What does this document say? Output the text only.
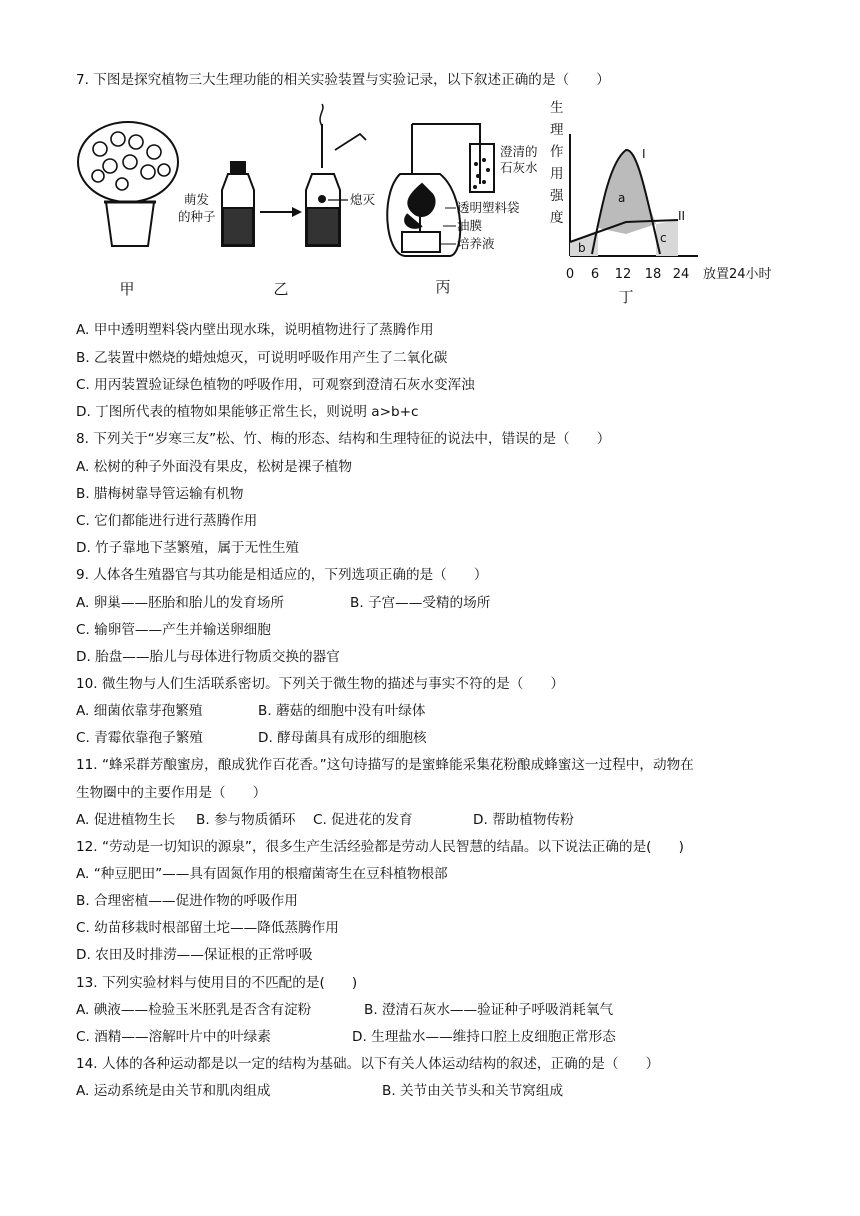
7. 下图是探究植物三大生理功能的相关实验装置与实验记录，以下叙述正确的是（　　）
甲
萌发
的种子
熄灭
乙
澄清的
石灰水
透明塑料袋
油膜
培养液
丙
生
理
作
用
强
度
I
II
a
b
c
0 6 12 18 24 放置24小时
丁
A. 甲中透明塑料袋内壁出现水珠，说明植物进行了蒸腾作用
B. 乙装置中燃烧的蜡烛熄灭，可说明呼吸作用产生了二氧化碳
C. 用丙装置验证绿色植物的呼吸作用，可观察到澄清石灰水变浑浊
D. 丁图所代表的植物如果能够正常生长，则说明 a>b+c
8. 下列关于“岁寒三友”松、竹、梅的形态、结构和生理特征的说法中，错误的是（　　）
A. 松树的种子外面没有果皮，松树是裸子植物
B. 腊梅树靠导管运输有机物
C. 它们都能进行进行蒸腾作用
D. 竹子靠地下茎繁殖，属于无性生殖
9. 人体各生殖器官与其功能是相适应的，下列选项正确的是（　　）
A. 卵巢——胚胎和胎儿的发育场所	B. 子宫——受精的场所
C. 输卵管——产生并输送卵细胞
D. 胎盘——胎儿与母体进行物质交换的器官
10. 微生物与人们生活联系密切。下列关于微生物的描述与事实不符的是（　　）
A. 细菌依靠芽孢繁殖	B. 蘑菇的细胞中没有叶绿体
C. 青霉依靠孢子繁殖	D. 酵母菌具有成形的细胞核
11. “蜂采群芳酿蜜房，酿成犹作百花香。”这句诗描写的是蜜蜂能采集花粉酿成蜂蜜这一过程中，动物在
生物圈中的主要作用是（　　）
A. 促进植物生长 B. 参与物质循环 C. 促进花的发育	D. 帮助植物传粉
12. “劳动是一切知识的源泉”，很多生产生活经验都是劳动人民智慧的结晶。以下说法正确的是(　　)
A. “种豆肥田”——具有固氮作用的根瘤菌寄生在豆科植物根部
B. 合理密植——促进作物的呼吸作用
C. 幼苗移栽时根部留土坨——降低蒸腾作用
D. 农田及时排涝——保证根的正常呼吸
13. 下列实验材料与使用目的不匹配的是(　　)
A. 碘液——检验玉米胚乳是否含有淀粉	B. 澄清石灰水——验证种子呼吸消耗氧气
C. 酒精——溶解叶片中的叶绿素	D. 生理盐水——维持口腔上皮细胞正常形态
14. 人体的各种运动都是以一定的结构为基础。以下有关人体运动结构的叙述，正确的是（　　）
A. 运动系统是由关节和肌肉组成	B. 关节由关节头和关节窝组成
